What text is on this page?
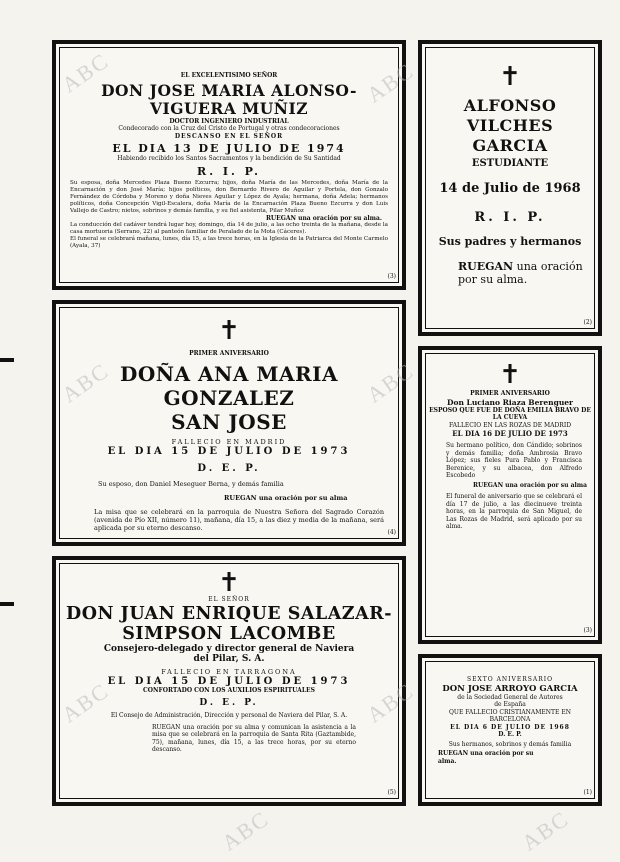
EL EXCELENTISIMO SEÑOR
DON JOSE MARIA ALONSO-VIGUERA MUÑIZ
DOCTOR INGENIERO INDUSTRIAL
Condecorado con la Cruz del Cristo de Portugal y otras condecoraciones
DESCANSO EN EL SEÑOR
EL DIA 13 DE JULIO DE 1974
Habiendo recibido los Santos Sacramentos y la bendición de Su Santidad
R. I. P.
Su esposa, doña Mercedes Plaza Bueno Ezcurra; hijos, doña María de las Mercedes, doña María de la Encarnación y don José María; hijos políticos, don Bernardo Rivero de Aguilar y Portela, don Gonzalo Fernández de Córdoba y Moreno y doña Nieves Aguilar y López de Ayala; hermana, doña Adela; hermanos políticos, doña Concepción Vigil-Escalera, doña María de la Encarnación Plaza Bueno Ezcurra y don Luis Vallejo de Castro; nietos, sobrinos y demás familia, y su fiel asistenta, Pilar Muñoz
RUEGAN una oración por su alma.
La conducción del cadáver tendrá lugar hoy, domingo, día 14 de julio, a las ocho treinta de la mañana, desde la casa mortuoria (Serrano, 22) al panteón familiar de Peralado de la Mota (Cáceres).
El funeral se celebrará mañana, lunes, día 15, a las trece horas, en la Iglesia de la Patriarca del Monte Carmelo (Ayala, 37)
(3)
✝
ALFONSO VILCHES GARCIA
ESTUDIANTE
14 de Julio de 1968
R. I. P.
Sus padres y hermanos
RUEGAN una oración por su alma.
(2)
✝
PRIMER ANIVERSARIO
DOÑA ANA MARIA GONZALEZ
SAN JOSE
FALLECIO EN MADRID
EL DIA 15 DE JULIO DE 1973
D. E. P.
Su esposo, don Daniel Meseguer Berna, y demás familia
RUEGAN una oración por su alma
La misa que se celebrará en la parroquia de Nuestra Señora del Sagrado Corazón (avenida de Pío XII, número 11), mañana, día 15, a las diez y media de la mañana, será aplicada por su eterno descanso.
(4)
✝
PRIMER ANIVERSARIO
Don Luciano Riaza Berenguer
ESPOSO QUE FUE DE DOÑA EMILIA BRAVO DE LA CUEVA
FALLECIO EN LAS ROZAS DE MADRID
EL DIA 16 DE JULIO DE 1973
Su hermano político, don Cándido; sobrinos y demás familia; doña Ambrosia Bravo López; sus fieles Pura Pablo y Francisca Berenice, y su albacea, don Alfredo Escobedo
RUEGAN una oración por su alma
El funeral de aniversario que se celebrará el día 17 de julio, a las diecinueve treinta horas, en la parroquia de San Miguel, de Las Rozas de Madrid, será aplicado por su alma.
(3)
✝
EL SEÑOR
DON JUAN ENRIQUE SALAZAR-
SIMPSON LACOMBE
Consejero-delegado y director general de Naviera
del Pilar, S. A.
FALLECIO EN TARRAGONA
EL DIA 15 DE JULIO DE 1973
CONFORTADO CON LOS AUXILIOS ESPIRITUALES
D. E. P.
El Consejo de Administración, Dirección y personal de Naviera del Pilar, S. A.
RUEGAN una oración por su alma y comunican la asistencia a la misa que se celebrará en la parroquia de Santa Rita (Gaztambide, 75), mañana, lunes, día 15, a las trece horas, por su eterno descanso.
(5)
SEXTO ANIVERSARIO
DON JOSE ARROYO GARCIA
de la Sociedad General de Autores
de España
QUE FALLECIO CRISTIANAMENTE EN BARCELONA
EL DIA 6 DE JULIO DE 1968
D. E. P.
Sus hermanos, sobrinos y demás familia
RUEGAN una oración por su alma.
(1)
ABC	ABC
ABC	ABC
ABC	ABC
ABC	ABC
